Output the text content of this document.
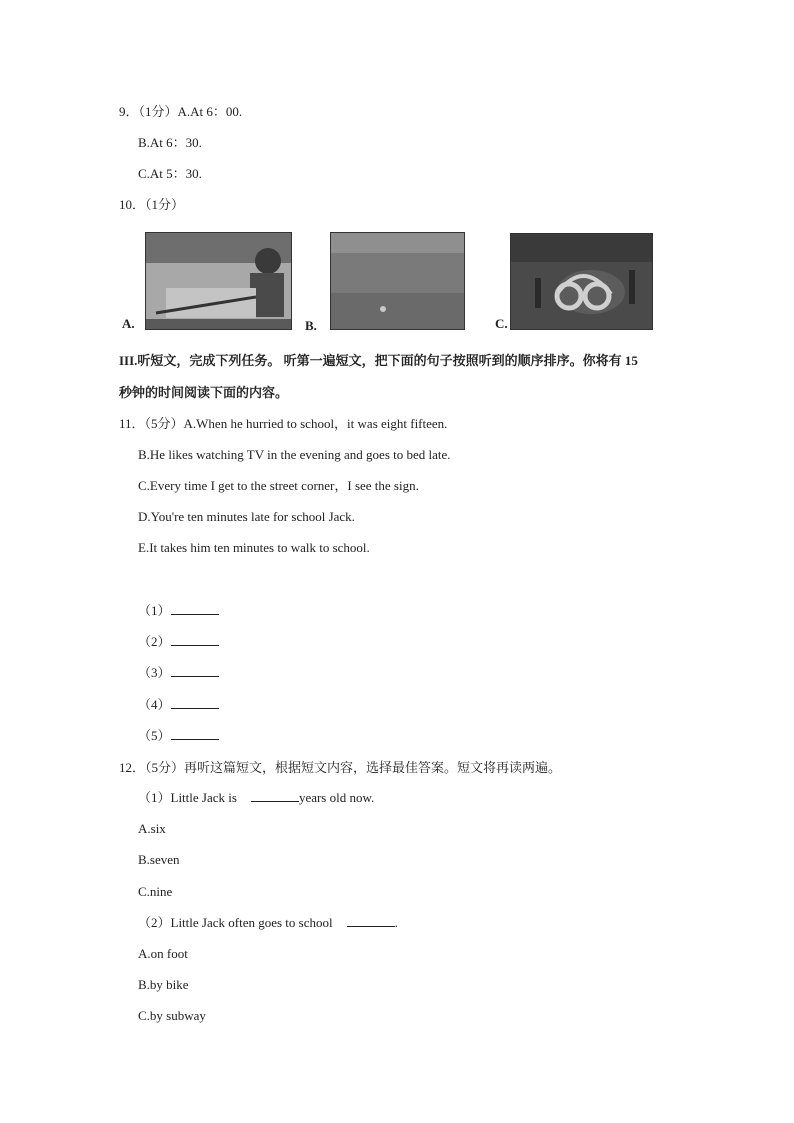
9．（1分）A.At 6：00.
B.At 6：30.
C.At 5：30.
10．（1分）
A.	B.	C.
III.听短文，完成下列任务。 听第一遍短文，把下面的句子按照听到的顺序排序。你将有 15
秒钟的时间阅读下面的内容。
11．（5分）A.When he hurried to school，it was eight fifteen.
B.He likes watching TV in the evening and goes to bed late.
C.Every time I get to the street corner，I see the sign.
D.You're ten minutes late for school Jack.
E.It takes him ten minutes to walk to school.
（1）
（2）
（3）
（4）
（5）
12．（5分）再听这篇短文，根据短文内容，选择最佳答案。短文将再读两遍。
（1）Little Jack is	years old now.
A.six
B.seven
C.nine
（2）Little Jack often goes to school	.
A.on foot
B.by bike
C.by subway
